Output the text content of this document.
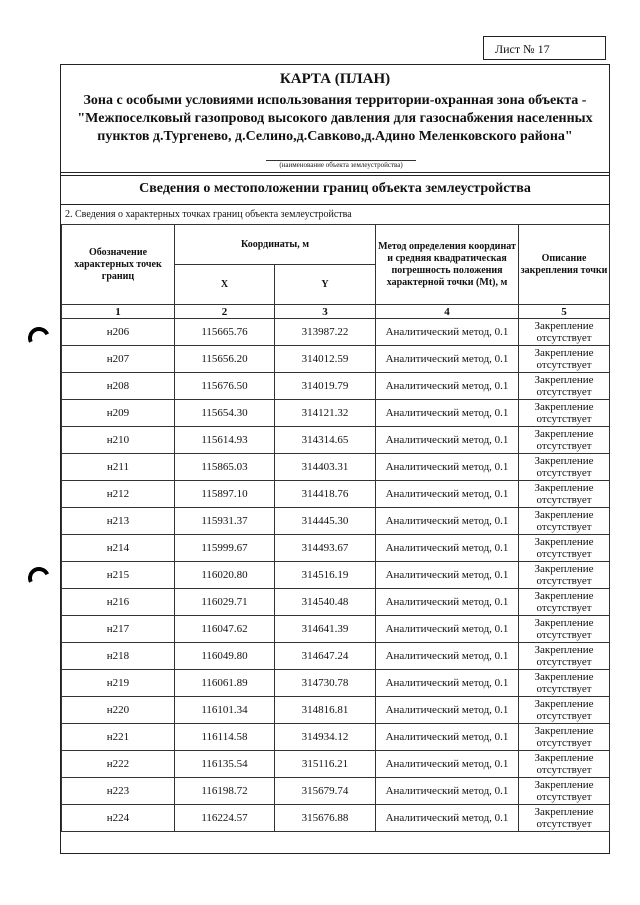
Лист № 17
КАРТА (ПЛАН)
Зона с особыми условиями использования территории-охранная зона объекта -"Межпоселковый газопровод высокого давления для газоснабжения населенных пунктов д.Тургенево, д.Селино,д.Савково,д.Адино Меленковского района"
(наименование объекта землеустройства)
Сведения о местоположении границ объекта землеустройства
2. Сведения о характерных точках границ объекта землеустройства
Обозначение характерных точек границ	Координаты, м		Метод определения координат и средняя квадратическая погрешность положения характерной точки (Mt), м	Описание закрепления точки
	X	Y		
1	2	3	4	5
н206	115665.76	313987.22	Аналитический метод, 0.1	Закрепление отсутствует
н207	115656.20	314012.59	Аналитический метод, 0.1	Закрепление отсутствует
н208	115676.50	314019.79	Аналитический метод, 0.1	Закрепление отсутствует
н209	115654.30	314121.32	Аналитический метод, 0.1	Закрепление отсутствует
н210	115614.93	314314.65	Аналитический метод, 0.1	Закрепление отсутствует
н211	115865.03	314403.31	Аналитический метод, 0.1	Закрепление отсутствует
н212	115897.10	314418.76	Аналитический метод, 0.1	Закрепление отсутствует
н213	115931.37	314445.30	Аналитический метод, 0.1	Закрепление отсутствует
н214	115999.67	314493.67	Аналитический метод, 0.1	Закрепление отсутствует
н215	116020.80	314516.19	Аналитический метод, 0.1	Закрепление отсутствует
н216	116029.71	314540.48	Аналитический метод, 0.1	Закрепление отсутствует
н217	116047.62	314641.39	Аналитический метод, 0.1	Закрепление отсутствует
н218	116049.80	314647.24	Аналитический метод, 0.1	Закрепление отсутствует
н219	116061.89	314730.78	Аналитический метод, 0.1	Закрепление отсутствует
н220	116101.34	314816.81	Аналитический метод, 0.1	Закрепление отсутствует
н221	116114.58	314934.12	Аналитический метод, 0.1	Закрепление отсутствует
н222	116135.54	315116.21	Аналитический метод, 0.1	Закрепление отсутствует
н223	116198.72	315679.74	Аналитический метод, 0.1	Закрепление отсутствует
н224	116224.57	315676.88	Аналитический метод, 0.1	Закрепление отсутствует
